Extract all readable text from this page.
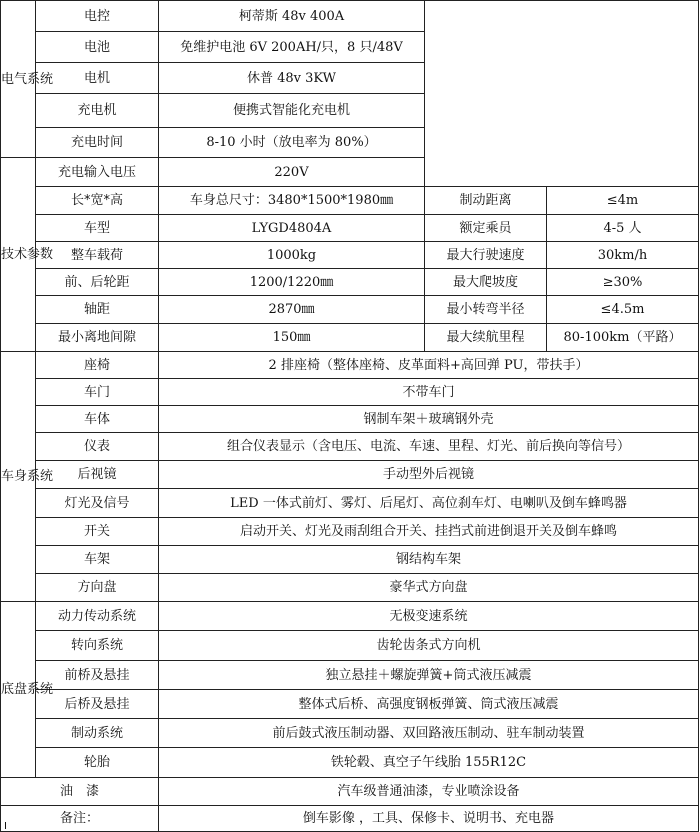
电气系统	电控	柯蒂斯 48v 400A		
	电池	免维护电池 6V 200AH/只，8 只/48V		
	电机	休普 48v 3KW		
	充电机	便携式智能化充电机		
	充电时间	8-10 小时（放电率为 80%）		
技术参数	充电输入电压	220V		
	长*宽*高	车身总尺寸：3480*1500*1980㎜	制动距离	≤4m
	车型	LYGD4804A	额定乘员	4-5 人
	整车载荷	1000kg	最大行驶速度	30km/h
	前、后轮距	1200/1220㎜	最大爬坡度	≥30%
	轴距	2870㎜	最小转弯半径	≤4.5m
	最小离地间隙	150㎜	最大续航里程	80-100km（平路）
车身系统	座椅	2 排座椅（整体座椅、皮革面料+高回弹 PU，带扶手）		
	车门	不带车门		
	车体	钢制车架＋玻璃钢外壳		
	仪表	组合仪表显示（含电压、电流、车速、里程、灯光、前后换向等信号）		
	后视镜	手动型外后视镜		
	灯光及信号	LED 一体式前灯、雾灯、后尾灯、高位刹车灯、电喇叭及倒车蜂鸣器		
	开关	启动开关、灯光及雨刮组合开关、挂挡式前进倒退开关及倒车蜂鸣		
	车架	钢结构车架		
	方向盘	豪华式方向盘		
底盘系统	动力传动系统	无极变速系统		
	转向系统	齿轮齿条式方向机		
	前桥及悬挂	独立悬挂＋螺旋弹簧+筒式液压减震		
	后桥及悬挂	整体式后桥、高强度钢板弹簧、筒式液压减震		
	制动系统	前后鼓式液压制动器、双回路液压制动、驻车制动装置		
	轮胎	铁轮毂、真空子午线胎 155R12C		
油　漆		汽车级普通油漆，专业喷涂设备		
备注：		倒车影像 ，工具、保修卡、说明书、充电器		
